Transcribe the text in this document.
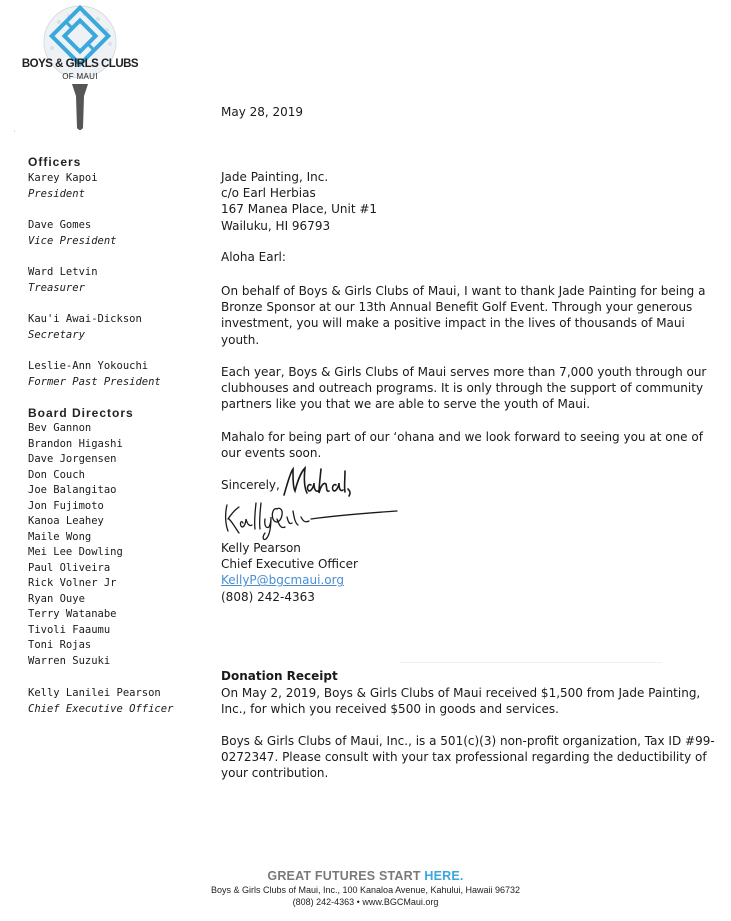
BOYS & GIRLS CLUBS
OF MAUI
May 28, 2019
Officers
Karey Kapoi
President
Dave Gomes
Vice President
Ward Letvin
Treasurer
Kau'i Awai-Dickson
Secretary
Leslie-Ann Yokouchi
Former Past President
Board Directors
Bev Gannon
Brandon Higashi
Dave Jorgensen
Don Couch
Joe Balangitao
Jon Fujimoto
Kanoa Leahey
Maile Wong
Mei Lee Dowling
Paul Oliveira
Rick Volner Jr
Ryan Ouye
Terry Watanabe
Tivoli Faaumu
Toni Rojas
Warren Suzuki
Kelly Lanilei Pearson
Chief Executive Officer
Jade Painting, Inc.
c/o Earl Herbias
167 Manea Place, Unit #1
Wailuku, HI 96793
Aloha Earl:
On behalf of Boys & Girls Clubs of Maui, I want to thank Jade Painting for being a
Bronze Sponsor at our 13th Annual Benefit Golf Event. Through your generous
investment, you will make a positive impact in the lives of thousands of Maui
youth.
Each year, Boys & Girls Clubs of Maui serves more than 7,000 youth through our
clubhouses and outreach programs. It is only through the support of community
partners like you that we are able to serve the youth of Maui.
Mahalo for being part of our ‘ohana and we look forward to seeing you at one of
our events soon.
Sincerely,
Kelly Pearson
Chief Executive Officer
KellyP@bgcmaui.org
(808) 242-4363
Donation Receipt
On May 2, 2019, Boys & Girls Clubs of Maui received $1,500 from Jade Painting,
Inc., for which you received $500 in goods and services.
Boys & Girls Clubs of Maui, Inc., is a 501(c)(3) non-profit organization, Tax ID #99-
0272347. Please consult with your tax professional regarding the deductibility of
your contribution.
GREAT FUTURES START HERE.
Boys & Girls Clubs of Maui, Inc., 100 Kanaloa Avenue, Kahului, Hawaii 96732
(808) 242-4363 • www.BGCMaui.org
